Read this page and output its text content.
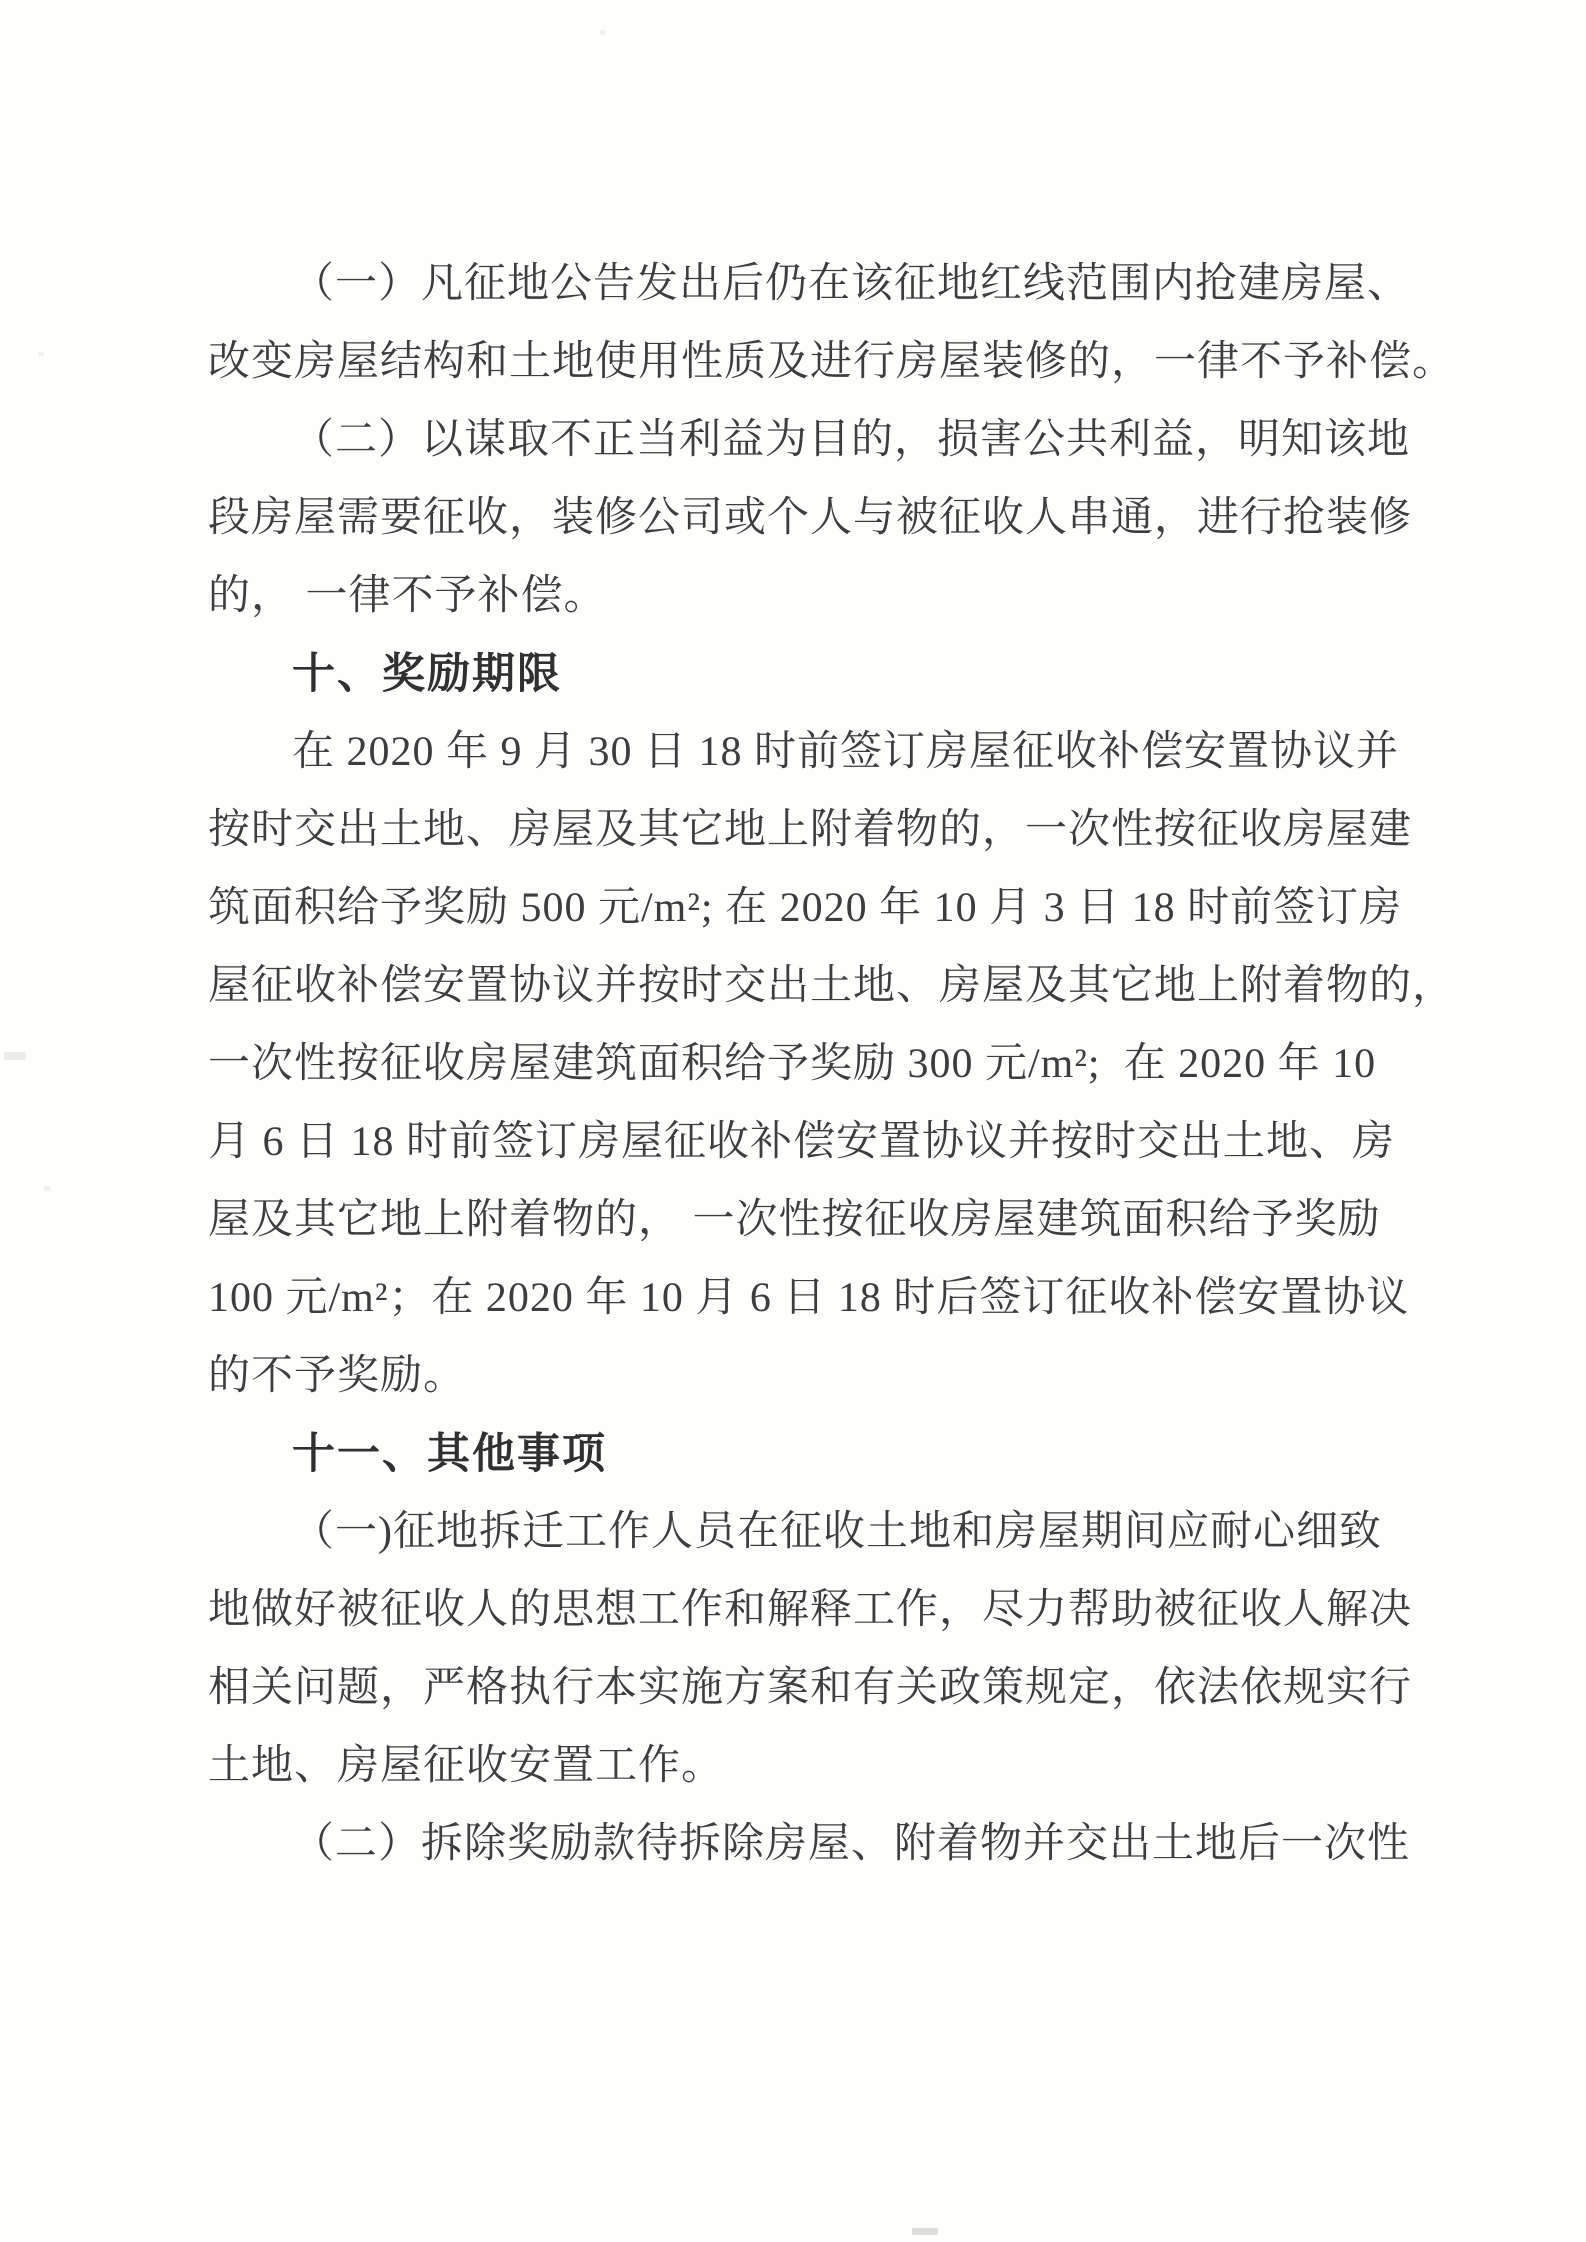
（一）凡征地公告发出后仍在该征地红线范围内抢建房屋、
改变房屋结构和土地使用性质及进行房屋装修的，一律不予补偿。
（二）以谋取不正当利益为目的，损害公共利益，明知该地
段房屋需要征收，装修公司或个人与被征收人串通，进行抢装修
的， 一律不予补偿。
十、奖励期限
在 2020 年 9 月 30 日 18 时前签订房屋征收补偿安置协议并
按时交出土地、房屋及其它地上附着物的，一次性按征收房屋建
筑面积给予奖励 500 元/m²; 在 2020 年 10 月 3 日 18 时前签订房
屋征收补偿安置协议并按时交出土地、房屋及其它地上附着物的，
一次性按征收房屋建筑面积给予奖励 300 元/m²;  在 2020 年 10
月 6 日 18 时前签订房屋征收补偿安置协议并按时交出土地、房
屋及其它地上附着物的， 一次性按征收房屋建筑面积给予奖励
100 元/m²；在 2020 年 10 月 6 日 18 时后签订征收补偿安置协议
的不予奖励。
十一、其他事项
（一)征地拆迁工作人员在征收土地和房屋期间应耐心细致
地做好被征收人的思想工作和解释工作，尽力帮助被征收人解决
相关问题，严格执行本实施方案和有关政策规定，依法依规实行
土地、房屋征收安置工作。
（二）拆除奖励款待拆除房屋、附着物并交出土地后一次性
